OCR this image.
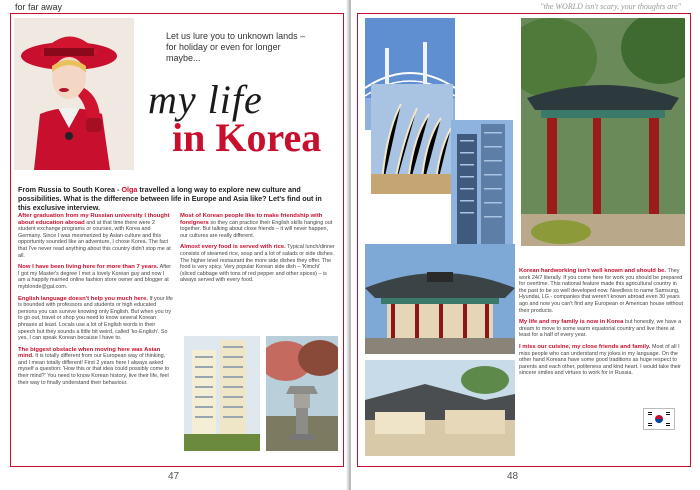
for far away
Let us lure you to unknown lands – for holiday or even for longer maybe...
my life
in Korea
From Russia to South Korea - Olga travelled a long way to explore new culture and possibilities. What is the difference between life in Europe and Asia like? Let's find out in this exclusive interview.

After graduation from my Russian university I thought about education abroad and at that time there were 2 student exchange programs or courses, with Korea and Germany. Since I was mesmerized by Asian culture and this opportunity sounded like an adventure, I chose Korea. The fact that I've never read anything about this country didn't stop me at all.

Now I have been living here for more than 7 years. After I got my Master's degree I met a lovely Korean guy and now I am a happily married online fashion store owner and blogger at myblonde@gal.com.

English language doesn't help you much here. If your life is bounded with professors and students or high educated persons you can survive knowing only English. But when you try to go out, travel or shop you need to know several Korean phrases at least. Locals use a lot of English words in their speech but they sounds a little bit weird, called 'ko-English'. So yes, I can speak Korean because I have to.

The biggest obstacle when moving here was Asian mind. It is totally different from our European way of thinking, and I mean totally different! First 2 years here I always asked myself a question: 'How this or that idea could possibly come to their mind?' You need to know Korean history, live their life, feel their way to finally understand their behaviour.

Most of Korean people like to make friendship with foreigners so they can practice their English skills hanging out together. But talking about close friends – it will never happen, our cultures are really different.

Almost every food is served with rice. Typical lunch/dinner consists of steamed rice, soup and a lot of salads or side dishes. The higher level restaurant the more side dishes they offer. The food is very spicy. Very popular Korean side dish – 'Kimchi' (sliced cabbage with tons of red pepper and other spices) – is always served with every food.

47
"the WORLD isn't scary, your thoughts are"

Korean hardworking isn't well known and should be. They work 24/7 literally. If you come here for work you should be prepared for overtime. This national feature made this agricultural country in the past to be so well developed now. Needless to name Samsung, Hyundai, LG - companies that weren't known abroad even 30 years ago and now you can't find any European or American house without their products.

My life and my family is now in Korea but honestly, we have a dream to move to some warm equatorial country and live there at least for a half of every year.

I miss our cuisine, my close friends and family. Most of all I miss people who can understand my jokes in my language. On the other hand Koreans have some good traditions as huge respect to parents and each other, politeness and kind heart. I would take their sincere smiles and virtues to work for in Russia.

48
